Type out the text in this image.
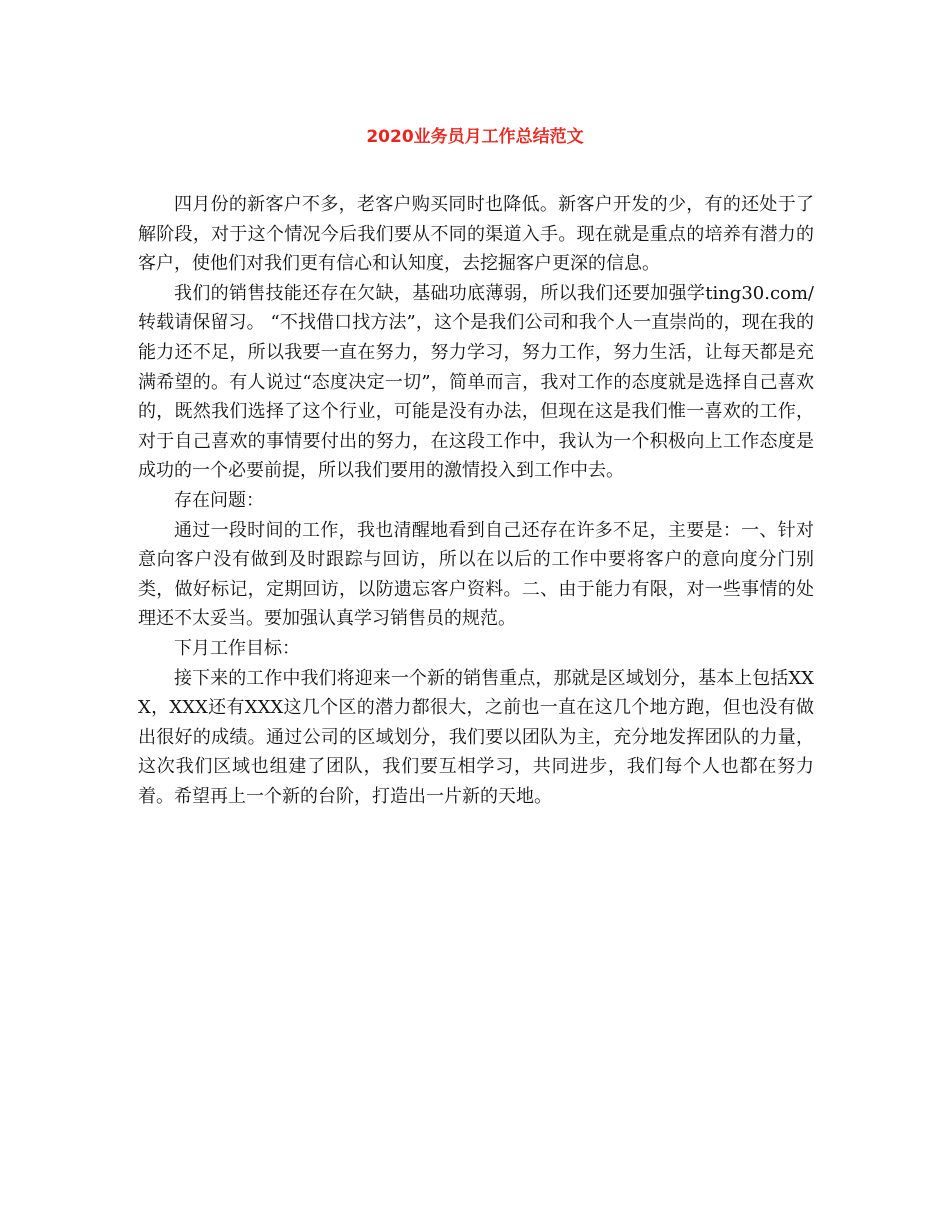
2020业务员月工作总结范文

四月份的新客户不多，老客户购买同时也降低。新客户开发的少，有的还处于了解阶段，对于这个情况今后我们要从不同的渠道入手。现在就是重点的培养有潜力的客户，使他们对我们更有信心和认知度，去挖掘客户更深的信息。

我们的销售技能还存在欠缺，基础功底薄弱，所以我们还要加强学ting30.com/转载请保留习。 “不找借口找方法”，这个是我们公司和我个人一直崇尚的，现在我的能力还不足，所以我要一直在努力，努力学习，努力工作，努力生活，让每天都是充满希望的。有人说过“态度决定一切”，简单而言，我对工作的态度就是选择自己喜欢的，既然我们选择了这个行业，可能是没有办法，但现在这是我们惟一喜欢的工作，对于自己喜欢的事情要付出的努力，在这段工作中，我认为一个积极向上工作态度是成功的一个必要前提，所以我们要用的激情投入到工作中去。

存在问题：

通过一段时间的工作，我也清醒地看到自己还存在许多不足，主要是：一、针对意向客户没有做到及时跟踪与回访，所以在以后的工作中要将客户的意向度分门别类，做好标记，定期回访，以防遗忘客户资料。二、由于能力有限，对一些事情的处理还不太妥当。要加强认真学习销售员的规范。

下月工作目标：

接下来的工作中我们将迎来一个新的销售重点，那就是区域划分，基本上包括XXX，XXX还有XXX这几个区的潜力都很大，之前也一直在这几个地方跑，但也没有做出很好的成绩。通过公司的区域划分，我们要以团队为主，充分地发挥团队的力量，这次我们区域也组建了团队，我们要互相学习，共同进步，我们每个人也都在努力着。希望再上一个新的台阶，打造出一片新的天地。
